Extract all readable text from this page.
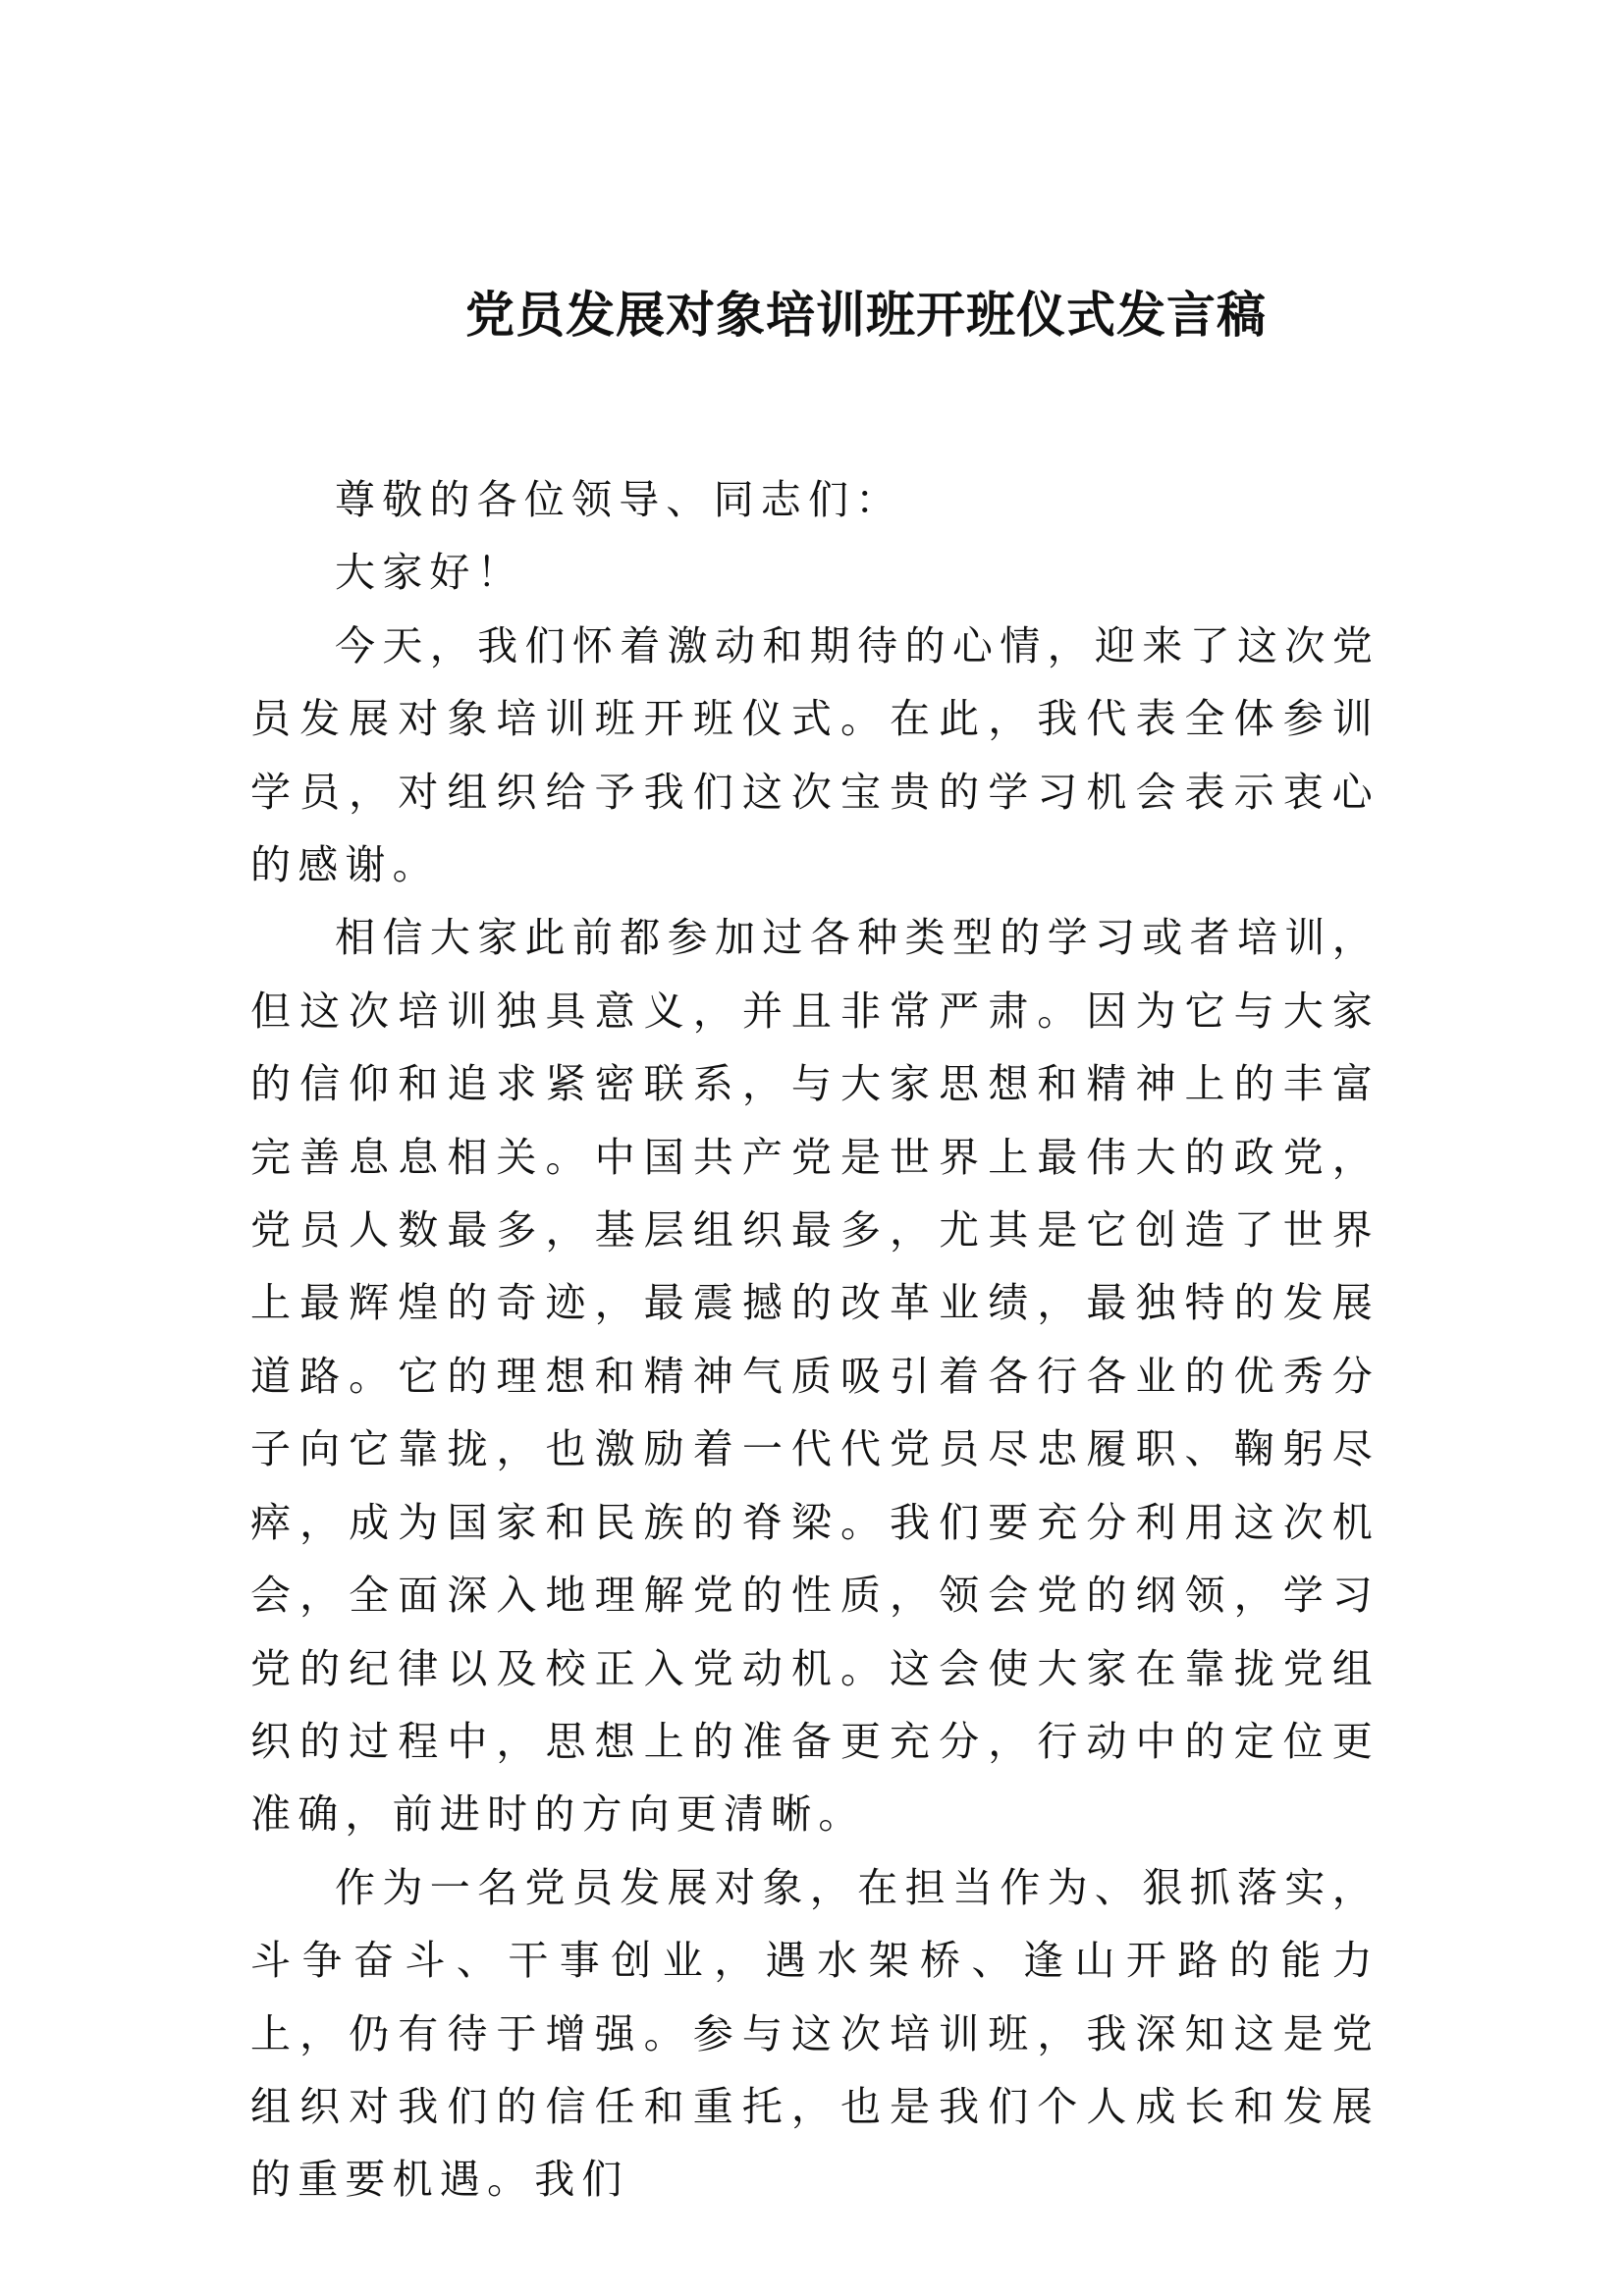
党员发展对象培训班开班仪式发言稿

尊敬的各位领导、同志们：

大家好！

今天，我们怀着激动和期待的心情，迎来了这次党员发展对象培训班开班仪式。在此，我代表全体参训学员，对组织给予我们这次宝贵的学习机会表示衷心的感谢。

相信大家此前都参加过各种类型的学习或者培训，但这次培训独具意义，并且非常严肃。因为它与大家的信仰和追求紧密联系，与大家思想和精神上的丰富完善息息相关。中国共产党是世界上最伟大的政党，党员人数最多，基层组织最多，尤其是它创造了世界上最辉煌的奇迹，最震撼的改革业绩，最独特的发展道路。它的理想和精神气质吸引着各行各业的优秀分子向它靠拢，也激励着一代代党员尽忠履职、鞠躬尽瘁，成为国家和民族的脊梁。我们要充分利用这次机会，全面深入地理解党的性质，领会党的纲领，学习党的纪律以及校正入党动机。这会使大家在靠拢党组织的过程中，思想上的准备更充分，行动中的定位更准确，前进时的方向更清晰。

作为一名党员发展对象，在担当作为、狠抓落实，斗争奋斗、干事创业，遇水架桥、逢山开路的能力上，仍有待于增强。参与这次培训班，我深知这是党组织对我们的信任和重托，也是我们个人成长和发展的重要机遇。我们
